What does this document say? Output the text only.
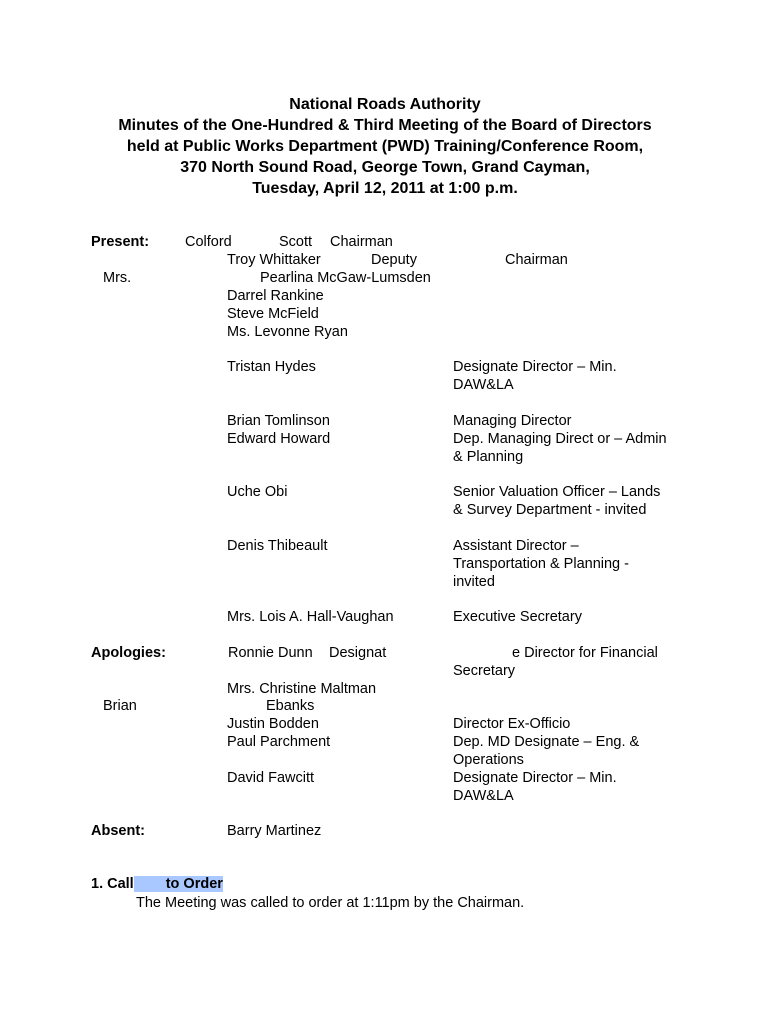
National Roads Authority
Minutes of the One-Hundred & Third Meeting of the Board of Directors
held at Public Works Department (PWD) Training/Conference Room,
370 North Sound Road, George Town, Grand Cayman,
Tuesday, April 12, 2011 at 1:00 p.m.
Present: Colford	Scott Chairman
Troy Whittaker	Deputy	Chairman
Mrs.	Pearlina McGaw-Lumsden
Darrel Rankine
Steve McField
Ms. Levonne Ryan
Tristan Hydes	Designate Director – Min.
DAW&LA
Brian Tomlinson	Managing Director
Edward Howard	Dep. Managing Direct or – Admin
& Planning
Uche Obi	Senior Valuation Officer – Lands
& Survey Department - invited
Denis Thibeault	Assistant Director –
Transportation & Planning -
invited
Mrs. Lois A. Hall-Vaughan	Executive Secretary
Apologies:	Ronnie Dunn Designat	e Director for Financial
Secretary
Mrs. Christine Maltman
Brian	Ebanks
Justin Bodden	Director Ex-Officio
Paul Parchment	Dep. MD Designate – Eng. &
Operations
David Fawcitt	Designate Director – Min.
DAW&LA
Absent:	Barry Martinez
1. Call to Order
The Meeting was called to order at 1:11pm by the Chairman.
